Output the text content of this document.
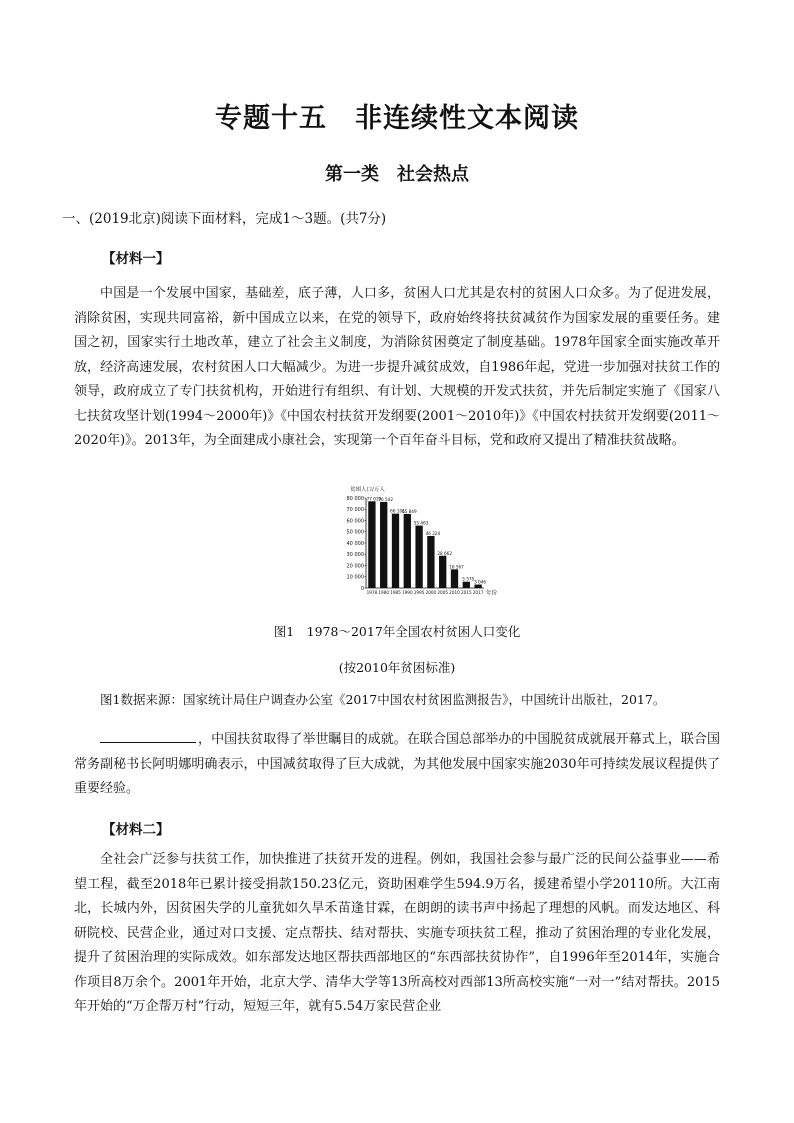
专题十五　非连续性文本阅读
第一类　社会热点
一、(2019北京)阅读下面材料，完成1～3题。(共7分)
【材料一】

中国是一个发展中国家，基础差，底子薄，人口多，贫困人口尤其是农村的贫困人口众多。为了促进发展，消除贫困，实现共同富裕，新中国成立以来，在党的领导下，政府始终将扶贫减贫作为国家发展的重要任务。建国之初，国家实行土地改革，建立了社会主义制度，为消除贫困奠定了制度基础。1978年国家全面实施改革开放，经济高速发展，农村贫困人口大幅减少。为进一步提升减贫成效，自1986年起，党进一步加强对扶贫工作的领导，政府成立了专门扶贫机构，开始进行有组织、有计划、大规模的开发式扶贫，并先后制定实施了《国家八七扶贫攻坚计划(1994～2000年)》《中国农村扶贫开发纲要(2001～2010年)》《中国农村扶贫开发纲要(2011～2020年)》。2013年，为全面建成小康社会，实现第一个百年奋斗目标，党和政府又提出了精准扶贫战略。

贫困人口/万人
80 000
70 000
60 000
50 000
40 000
30 000
20 000
10 000
0
77 039
1978
76 542
1980
66 101
1985
65 849
1990
55 463
1995
46 224
2000
28 662
2005
16 567
2010
5 575
2015
3 046
2017 年份
图1　1978～2017年全国农村贫困人口变化
(按2010年贫困标准)
图1数据来源：国家统计局住户调查办公室《2017中国农村贫困监测报告》，中国统计出版社，2017。

，中国扶贫取得了举世瞩目的成就。在联合国总部举办的中国脱贫成就展开幕式上，联合国常务副秘书长阿明娜明确表示，中国减贫取得了巨大成就，为其他发展中国家实施2030年可持续发展议程提供了重要经验。

【材料二】

全社会广泛参与扶贫工作，加快推进了扶贫开发的进程。例如，我国社会参与最广泛的民间公益事业——希望工程，截至2018年已累计接受捐款150.23亿元，资助困难学生594.9万名，援建希望小学20110所。大江南北，长城内外，因贫困失学的儿童犹如久旱禾苗逢甘霖，在朗朗的读书声中扬起了理想的风帆。而发达地区、科研院校、民营企业，通过对口支援、定点帮扶、结对帮扶、实施专项扶贫工程，推动了贫困治理的专业化发展，提升了贫困治理的实际成效。如东部发达地区帮扶西部地区的“东西部扶贫协作”，自1996年至2014年，实施合作项目8万余个。2001年开始，北京大学、清华大学等13所高校对西部13所高校实施“一对一”结对帮扶。2015年开始的“万企帮万村”行动，短短三年，就有5.54万家民营企业
